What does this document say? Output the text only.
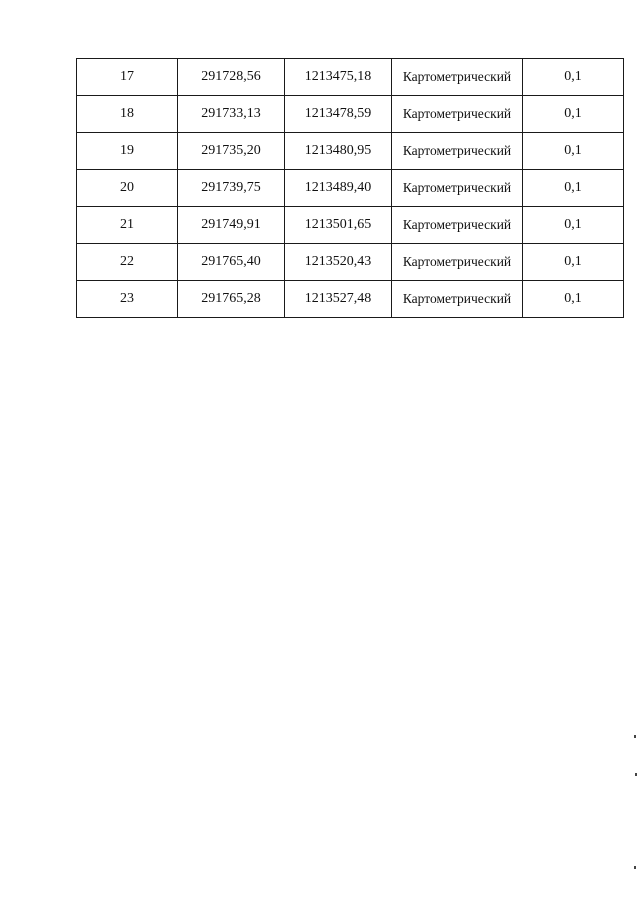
17	291728,56	1213475,18	Картометрический	0,1
18	291733,13	1213478,59	Картометрический	0,1
19	291735,20	1213480,95	Картометрический	0,1
20	291739,75	1213489,40	Картометрический	0,1
21	291749,91	1213501,65	Картометрический	0,1
22	291765,40	1213520,43	Картометрический	0,1
23	291765,28	1213527,48	Картометрический	0,1
